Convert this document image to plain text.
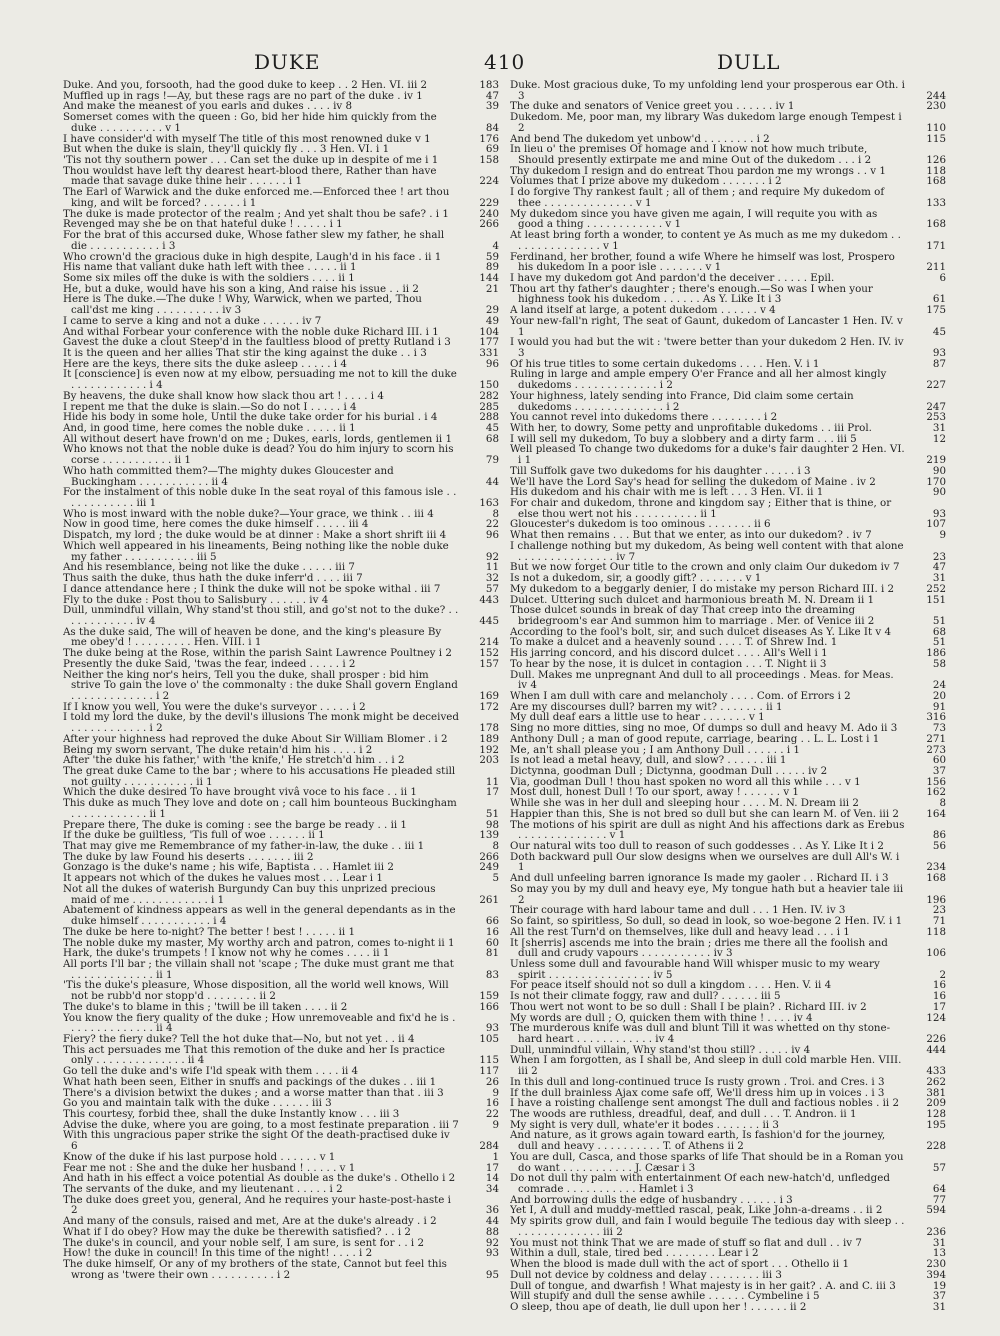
DUKE	410	DULL
Duke. And you, forsooth, had the good duke to keep . . 2 Hen. VI. iii 2	183
Muffled up in rags !—Ay, but these rags are no part of the duke . iv 1	47
And make the meanest of you earls and dukes . . . . iv 8	39
Somerset comes with the queen : Go, bid her hide him quickly from the duke . . . . . . . . . . v 1	84
I have consider'd with myself The title of this most renowned duke v 1	176
But when the duke is slain, they'll quickly fly . . . 3 Hen. VI. i 1	69
'Tis not thy southern power . . . Can set the duke up in despite of me i 1	158
Thou wouldst have left thy dearest heart-blood there, Rather than have made that savage duke thine heir . . . . . . i 1	224
The Earl of Warwick and the duke enforced me.—Enforced thee ! art thou king, and wilt be forced? . . . . . . i 1	229
The duke is made protector of the realm ; And yet shalt thou be safe? . i 1	240
Revenged may she be on that hateful duke ! . . . . . i 1	266
For the brat of this accursed duke, Whose father slew my father, he shall die . . . . . . . . . . . i 3	4
Who crown'd the gracious duke in high despite, Laugh'd in his face . ii 1	59
His name that valiant duke hath left with thee . . . . . ii 1	89
Some six miles off the duke is with the soldiers . . . . ii 1	144
He, but a duke, would have his son a king, And raise his issue . . ii 2	21
Here is The duke.—The duke ! Why, Warwick, when we parted, Thou call'dst me king . . . . . . . . . . iv 3	29
I came to serve a king and not a duke . . . . . . iv 7	49
And withal Forbear your conference with the noble duke Richard III. i 1	104
Gavest the duke a clout Steep'd in the faultless blood of pretty Rutland i 3	177
It is the queen and her allies That stir the king against the duke . . i 3	331
Here are the keys, there sits the duke asleep . . . . . i 4	96
It [conscience] is even now at my elbow, persuading me not to kill the duke . . . . . . . . . . . . i 4	150
By heavens, the duke shall know how slack thou art ! . . . . i 4	282
I repent me that the duke is slain.—So do not I . . . . . i 4	285
Hide his body in some hole, Until the duke take order for his burial . i 4	288
And, in good time, here comes the noble duke . . . . . ii 1	45
All without desert have frown'd on me ; Dukes, earls, lords, gentlemen ii 1	68
Who knows not that the noble duke is dead? You do him injury to scorn his corse . . . . . . . . . . . ii 1	79
Who hath committed them?—The mighty dukes Gloucester and Buckingham . . . . . . . . . . . ii 4	44
For the instalment of this noble duke In the seat royal of this famous isle . . . . . . . . . . . . iii 1	163
Who is most inward with the noble duke?—Your grace, we think . . iii 4	8
Now in good time, here comes the duke himself . . . . . iii 4	22
Dispatch, my lord ; the duke would be at dinner : Make a short shrift iii 4	96
Which well appeared in his lineaments, Being nothing like the noble duke my father . . . . . . . . . . . iii 5	92
And his resemblance, being not like the duke . . . . . iii 7	11
Thus saith the duke, thus hath the duke inferr'd . . . . iii 7	32
I dance attendance here ; I think the duke will not be spoke withal . iii 7	57
Fly to the duke : Post thou to Salisbury . . . . . . iv 4	443
Dull, unmindful villain, Why stand'st thou still, and go'st not to the duke? . . . . . . . . . . . . iv 4	445
As the duke said, The will of heaven be done, and the king's pleasure By me obey'd ! . . . . . . . . . Hen. VIII. i 1	214
The duke being at the Rose, within the parish Saint Lawrence Poultney i 2	152
Presently the duke Said, 'twas the fear, indeed . . . . . i 2	157
Neither the king nor's heirs, Tell you the duke, shall prosper : bid him strive To gain the love o' the commonalty : the duke Shall govern England . . . . . . . . . . . . . i 2	169
If I know you well, You were the duke's surveyor . . . . . i 2	172
I told my lord the duke, by the devil's illusions The monk might be deceived . . . . . . . . . . . . i 2	178
After your highness had reproved the duke About Sir William Blomer . i 2	189
Being my sworn servant, The duke retain'd him his . . . . i 2	192
After 'the duke his father,' with 'the knife,' He stretch'd him . . i 2	203
The great duke Came to the bar ; where to his accusations He pleaded still not guilty . . . . . . . . . . . ii 1	11
Which the duke desired To have brought vivâ voce to his face . . ii 1	17
This duke as much They love and dote on ; call him bounteous Buckingham . . . . . . . . . . . . ii 1	51
Prepare there, The duke is coming : see the barge be ready . . ii 1	98
If the duke be guiltless, 'Tis full of woe . . . . . . ii 1	139
That may give me Remembrance of my father-in-law, the duke . . iii 1	8
The duke by law Found his deserts . . . . . . . iii 2	266
Gonzago is the duke's name ; his wife, Baptista . . . Hamlet iii 2	249
It appears not which of the dukes he values most . . . Lear i 1	5
Not all the dukes of waterish Burgundy Can buy this unprized precious maid of me . . . . . . . . . . . . i 1	261
Abatement of kindness appears as well in the general dependants as in the duke himself . . . . . . . . . . . i 4	66
The duke be here to-night? The better ! best ! . . . . . ii 1	16
The noble duke my master, My worthy arch and patron, comes to-night ii 1	60
Hark, the duke's trumpets ! I know not why he comes . . . . ii 1	81
All ports I'll bar ; the villain shall not 'scape ; The duke must grant me that . . . . . . . . . . . . . ii 1	83
'Tis the duke's pleasure, Whose disposition, all the world well knows, Will not be rubb'd nor stopp'd . . . . . . . . ii 2	159
The duke's to blame in this ; 'twill be ill taken . . . . ii 2	166
You know the fiery quality of the duke ; How unremoveable and fix'd he is . . . . . . . . . . . . . . ii 4	93
Fiery? the fiery duke? Tell the hot duke that—No, but not yet . . ii 4	105
This act persuades me That this remotion of the duke and her Is practice only . . . . . . . . . . . . . . ii 4	115
Go tell the duke and's wife I'ld speak with them . . . . ii 4	117
What hath been seen, Either in snuffs and packings of the dukes . . iii 1	26
There's a division betwixt the dukes ; and a worse matter than that . iii 3	9
Go you and maintain talk with the duke . . . . . . iii 3	16
This courtesy, forbid thee, shall the duke Instantly know . . . iii 3	22
Advise the duke, where you are going, to a most festinate preparation . iii 7	9
With this ungracious paper strike the sight Of the death-practised duke iv 6	284
Know of the duke if his last purpose hold . . . . . . v 1	1
Fear me not : She and the duke her husband ! . . . . . v 1	17
And hath in his effect a voice potential As double as the duke's . Othello i 2	14
The servants of the duke, and my lieutenant . . . . . i 2	34
The duke does greet you, general, And he requires your haste-post-haste i 2	36
And many of the consuls, raised and met, Are at the duke's already . i 2	44
What if I do obey? How may the duke be therewith satisfied? . . i 2	88
The duke's in council, and your noble self, I am sure, is sent for . . i 2	92
How! the duke in council! In this time of the night! . . . . i 2	93
The duke himself, Or any of my brothers of the state, Cannot but feel this wrong as 'twere their own . . . . . . . . . . i 2	95
Duke. Most gracious duke, To my unfolding lend your prosperous ear Oth. i 3	244
The duke and senators of Venice greet you . . . . . . iv 1	230
Dukedom. Me, poor man, my library Was dukedom large enough Tempest i 2	110
And bend The dukedom yet unbow'd . . . . . . . . i 2	115
In lieu o' the premises Of homage and I know not how much tribute, Should presently extirpate me and mine Out of the dukedom . . . i 2	126
Thy dukedom I resign and do entreat Thou pardon me my wrongs . . v 1	118
Volumes that I prize above my dukedom . . . . . . . i 2	168
I do forgive Thy rankest fault ; all of them ; and require My dukedom of thee . . . . . . . . . . . . . . v 1	133
My dukedom since you have given me again, I will requite you with as good a thing . . . . . . . . . . . . v 1	168
At least bring forth a wonder, to content ye As much as me my dukedom . . . . . . . . . . . . . . . v 1	171
Ferdinand, her brother, found a wife Where he himself was lost, Prospero his dukedom In a poor isle . . . . . . . v 1	211
I have my dukedom got And pardon'd the deceiver . . . . . Epil.	6
Thou art thy father's daughter ; there's enough.—So was I when your highness took his dukedom . . . . . . As Y. Like It i 3	61
A land itself at large, a potent dukedom . . . . . . v 4	175
Your new-fall'n right, The seat of Gaunt, dukedom of Lancaster 1 Hen. IV. v 1	45
I would you had but the wit : 'twere better than your dukedom 2 Hen. IV. iv 3	93
Of his true titles to some certain dukedoms . . . . Hen. V. i 1	87
Ruling in large and ample empery O'er France and all her almost kingly dukedoms . . . . . . . . . . . . . i 2	227
Your highness, lately sending into France, Did claim some certain dukedoms . . . . . . . . . . . . . . i 2	247
You cannot revel into dukedoms there . . . . . . . . i 2	253
With her, to dowry, Some petty and unprofitable dukedoms . . iii Prol.	31
I will sell my dukedom, To buy a slobbery and a dirty farm . . . iii 5	12
Well pleased To change two dukedoms for a duke's fair daughter 2 Hen. VI. i 1	219
Till Suffolk gave two dukedoms for his daughter . . . . . i 3	90
We'll have the Lord Say's head for selling the dukedom of Maine . iv 2	170
His dukedom and his chair with me is left . . . 3 Hen. VI. ii 1	90
For chair and dukedom, throne and kingdom say ; Either that is thine, or else thou wert not his . . . . . . . . . . ii 1	93
Gloucester's dukedom is too ominous . . . . . . . ii 6	107
What then remains . . . But that we enter, as into our dukedom? . iv 7	9
I challenge nothing but my dukedom, As being well content with that alone . . . . . . . . . . . . . . . iv 7	23
But we now forget Our title to the crown and only claim Our dukedom iv 7	47
Is not a dukedom, sir, a goodly gift? . . . . . . . v 1	31
My dukedom to a beggarly denier, I do mistake my person Richard III. i 2	252
Dulcet. Uttering such dulcet and harmonious breath M. N. Dream ii 1	151
Those dulcet sounds in break of day That creep into the dreaming bridegroom's ear And summon him to marriage . Mer. of Venice iii 2	51
According to the fool's bolt, sir, and such dulcet diseases As Y. Like It v 4	68
To make a dulcet and a heavenly sound . . . . T. of Shrew Ind. 1	51
His jarring concord, and his discord dulcet . . . . All's Well i 1	186
To hear by the nose, it is dulcet in contagion . . . T. Night ii 3	58
Dull. Makes me unpregnant And dull to all proceedings . Meas. for Meas. iv 4	24
When I am dull with care and melancholy . . . . Com. of Errors i 2	20
Are my discourses dull? barren my wit? . . . . . . . ii 1	91
My dull deaf ears a little use to hear . . . . . . . v 1	316
Sing no more ditties, sing no moe, Of dumps so dull and heavy M. Ado ii 3	73
Anthony Dull ; a man of good repute, carriage, bearing . . L. L. Lost i 1	271
Me, an't shall please you ; I am Anthony Dull . . . . . . i 1	273
Is not lead a metal heavy, dull, and slow? . . . . . . iii 1	60
Dictynna, goodman Dull ; Dictynna, goodman Dull . . . . . iv 2	37
Via, goodman Dull ! thou hast spoken no word all this while . . . v 1	156
Most dull, honest Dull ! To our sport, away ! . . . . . . v 1	162
While she was in her dull and sleeping hour . . . . M. N. Dream iii 2	8
Happier than this, She is not bred so dull but she can learn M. of Ven. iii 2	164
The motions of his spirit are dull as night And his affections dark as Erebus . . . . . . . . . . . . . . v 1	86
Our natural wits too dull to reason of such goddesses . . As Y. Like It i 2	56
Doth backward pull Our slow designs when we ourselves are dull All's W. i 1	234
And dull unfeeling barren ignorance Is made my gaoler . . Richard II. i 3	168
So may you by my dull and heavy eye, My tongue hath but a heavier tale iii 2	196
Their courage with hard labour tame and dull . . . 1 Hen. IV. iv 3	23
So faint, so spiritless, So dull, so dead in look, so woe-begone 2 Hen. IV. i 1	71
All the rest Turn'd on themselves, like dull and heavy lead . . . i 1	118
It [sherris] ascends me into the brain ; dries me there all the foolish and dull and crudy vapours . . . . . . . . . . . iv 3	106
Unless some dull and favourable hand Will whisper music to my weary spirit . . . . . . . . . . . . . . . . iv 5	2
For peace itself should not so dull a kingdom . . . . Hen. V. ii 4	16
Is not their climate foggy, raw and dull? . . . . . . iii 5	16
Thou wert not wont to be so dull : Shall I be plain? . Richard III. iv 2	17
My words are dull ; O, quicken them with thine ! . . . . iv 4	124
The murderous knife was dull and blunt Till it was whetted on thy stone-hard heart . . . . . . . . . . . . iv 4	226
Dull, unmindful villain, Why stand'st thou still? . . . . . iv 4	444
When I am forgotten, as I shall be, And sleep in dull cold marble Hen. VIII. iii 2	433
In this dull and long-continued truce Is rusty grown . Troi. and Cres. i 3	262
If the dull brainless Ajax come safe off, We'll dress him up in voices . i 3	381
I have a roisting challenge sent amongst The dull and factious nobles . ii 2	209
The woods are ruthless, dreadful, deaf, and dull . . . T. Andron. ii 1	128
My sight is very dull, whate'er it bodes . . . . . . . ii 3	195
And nature, as it grows again toward earth, Is fashion'd for the journey, dull and heavy . . . . . . . . . . T. of Athens ii 2	228
You are dull, Casca, and those sparks of life That should be in a Roman you do want . . . . . . . . . . . J. Cæsar i 3	57
Do not dull thy palm with entertainment Of each new-hatch'd, unfledged comrade . . . . . . . . . . . Hamlet i 3	64
And borrowing dulls the edge of husbandry . . . . . . i 3	77
Yet I, A dull and muddy-mettled rascal, peak, Like John-a-dreams . . ii 2	594
My spirits grow dull, and fain I would beguile The tedious day with sleep . . . . . . . . . . . . . . . iii 2	236
You must not think That we are made of stuff so flat and dull . . iv 7	31
Within a dull, stale, tired bed . . . . . . . . Lear i 2	13
When the blood is made dull with the act of sport . . . Othello ii 1	230
Dull not device by coldness and delay . . . . . . . . iii 3	394
Dull of tongue, and dwarfish ! What majesty is in her gait? . A. and C. iii 3	19
Will stupify and dull the sense awhile . . . . . . Cymbeline i 5	37
O sleep, thou ape of death, lie dull upon her ! . . . . . . ii 2	31
